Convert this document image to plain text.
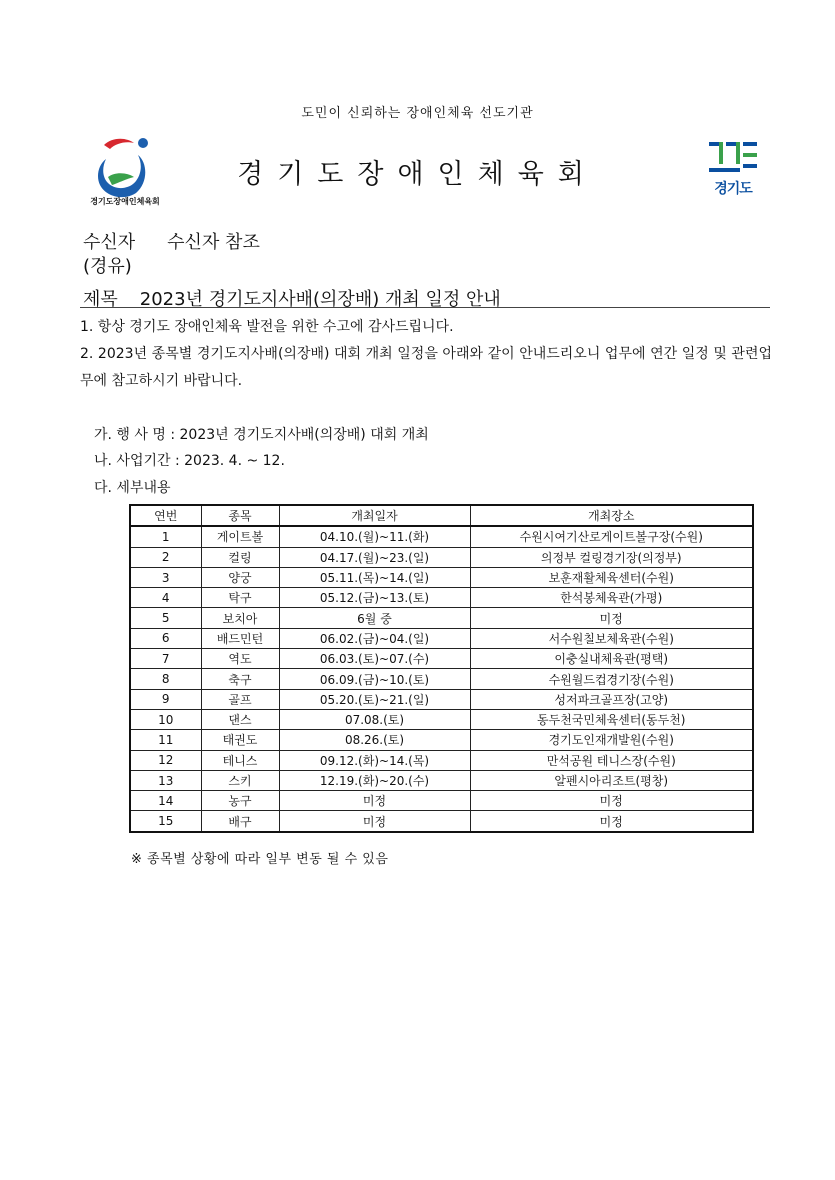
도민이 신뢰하는 장애인체육 선도기관
경기도장애인체육회
경기도장애인체육회	경기도
수신자 수신자 참조
(경유)
제목 2023년 경기도지사배(의장배) 개최 일정 안내
1. 항상 경기도 장애인체육 발전을 위한 수고에 감사드립니다.
2. 2023년 종목별 경기도지사배(의장배) 대회 개최 일정을 아래와 같이 안내드리오니 업무에 연간 일정 및 관련업무에 참고하시기 바랍니다.
가. 행 사 명 : 2023년 경기도지사배(의장배) 대회 개최
나. 사업기간 : 2023. 4. ~ 12.
다. 세부내용
연번	종목	개최일자	개최장소
1	게이트볼	04.10.(월)~11.(화)	수원시여기산로게이트볼구장(수원)
2	컬링	04.17.(월)~23.(일)	의정부 컬링경기장(의정부)
3	양궁	05.11.(목)~14.(일)	보훈재활체육센터(수원)
4	탁구	05.12.(금)~13.(토)	한석봉체육관(가평)
5	보치아	6월 중	미정
6	배드민턴	06.02.(금)~04.(일)	서수원칠보체육관(수원)
7	역도	06.03.(토)~07.(수)	이충실내체육관(평택)
8	축구	06.09.(금)~10.(토)	수원월드컵경기장(수원)
9	골프	05.20.(토)~21.(일)	성저파크골프장(고양)
10	댄스	07.08.(토)	동두천국민체육센터(동두천)
11	태권도	08.26.(토)	경기도인재개발원(수원)
12	테니스	09.12.(화)~14.(목)	만석공원 테니스장(수원)
13	스키	12.19.(화)~20.(수)	알펜시아리조트(평창)
14	농구	미정	미정
15	배구	미정	미정
※ 종목별 상황에 따라 일부 변동 될 수 있음
